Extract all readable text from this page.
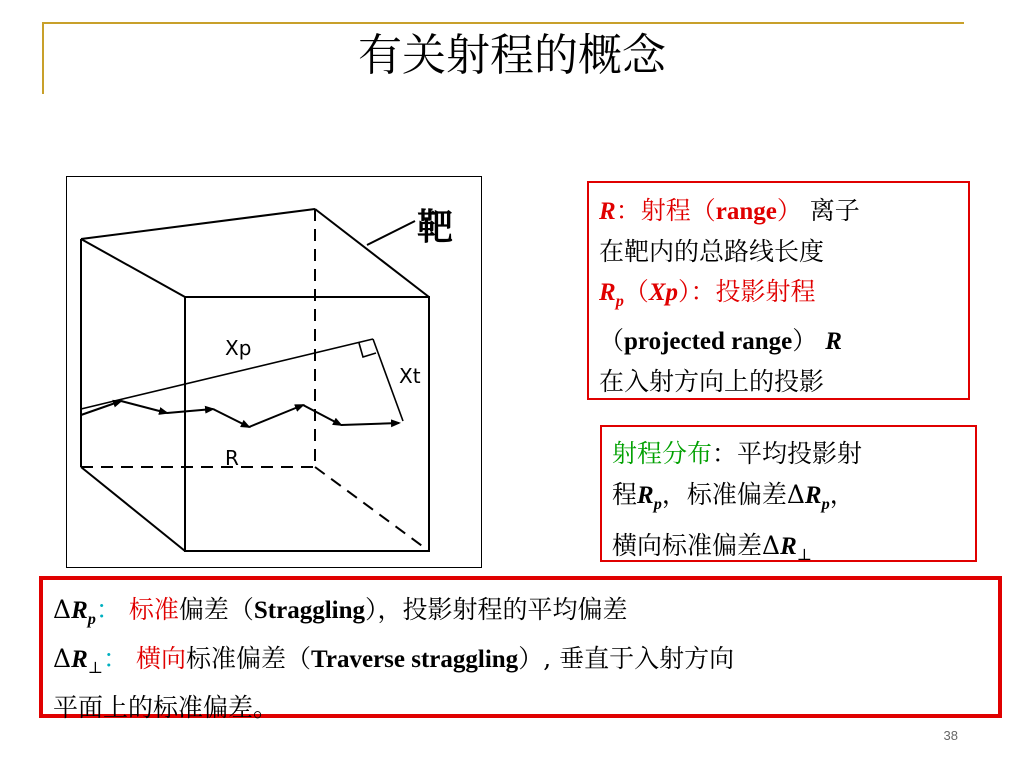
有关射程的概念
靶
Xp
Xt
R
R：射程（range） 离子
在靶内的总路线长度
$R_p(Xp)$：投影射程
（projected range） R
在入射方向上的投影
射程分布：平均投影射
程$R_p$，标准偏差$\Delta R_p$，
横向标准偏差$\Delta R_\perp$
$\Delta R_p$： 标准偏差（Straggling），投影射程的平均偏差
$\Delta R_\perp$： 横向标准偏差（Traverse straggling）, 垂直于入射方向
平面上的标准偏差。
38
